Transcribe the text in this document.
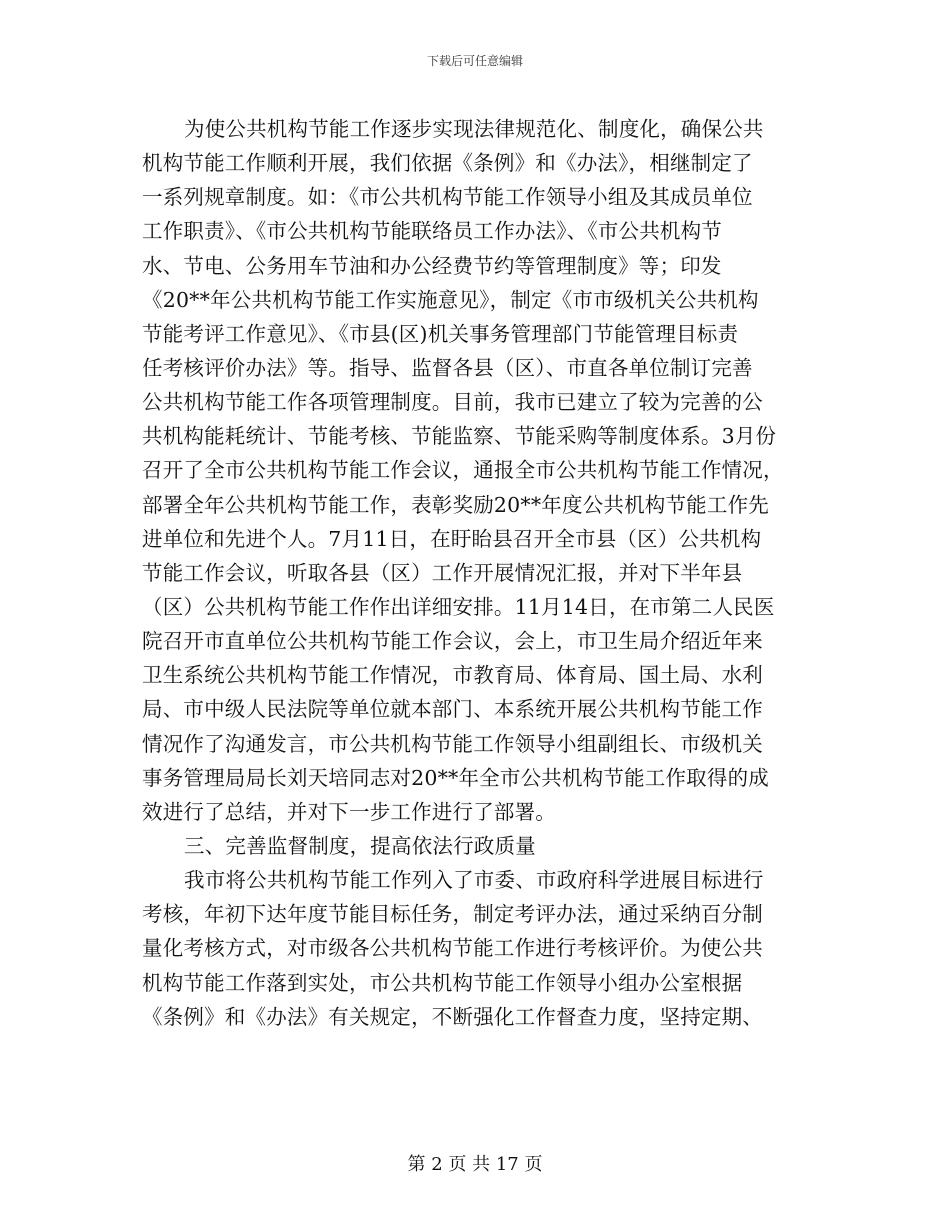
下载后可任意编辑
为使公共机构节能工作逐步实现法律规范化、制度化，确保公共
机构节能工作顺利开展，我们依据《条例》和《办法》，相继制定了
一系列规章制度。如：《市公共机构节能工作领导小组及其成员单位
工作职责》、《市公共机构节能联络员工作办法》、《市公共机构节
水、节电、公务用车节油和办公经费节约等管理制度》等；印发
《20**年公共机构节能工作实施意见》，制定《市市级机关公共机构
节能考评工作意见》、《市县(区)机关事务管理部门节能管理目标责
任考核评价办法》等。指导、监督各县（区）、市直各单位制订完善
公共机构节能工作各项管理制度。目前，我市已建立了较为完善的公
共机构能耗统计、节能考核、节能监察、节能采购等制度体系。3月份
召开了全市公共机构节能工作会议，通报全市公共机构节能工作情况，
部署全年公共机构节能工作，表彰奖励20**年度公共机构节能工作先
进单位和先进个人。7月11日，在盱眙县召开全市县（区）公共机构
节能工作会议，听取各县（区）工作开展情况汇报，并对下半年县
（区）公共机构节能工作作出详细安排。11月14日，在市第二人民医
院召开市直单位公共机构节能工作会议，会上，市卫生局介绍近年来
卫生系统公共机构节能工作情况，市教育局、体育局、国土局、水利
局、市中级人民法院等单位就本部门、本系统开展公共机构节能工作
情况作了沟通发言，市公共机构节能工作领导小组副组长、市级机关
事务管理局局长刘天培同志对20**年全市公共机构节能工作取得的成
效进行了总结，并对下一步工作进行了部署。
三、完善监督制度，提高依法行政质量
我市将公共机构节能工作列入了市委、市政府科学进展目标进行
考核，年初下达年度节能目标任务，制定考评办法，通过采纳百分制
量化考核方式，对市级各公共机构节能工作进行考核评价。为使公共
机构节能工作落到实处，市公共机构节能工作领导小组办公室根据
《条例》和《办法》有关规定，不断强化工作督查力度，坚持定期、
第 2 页 共 17 页
